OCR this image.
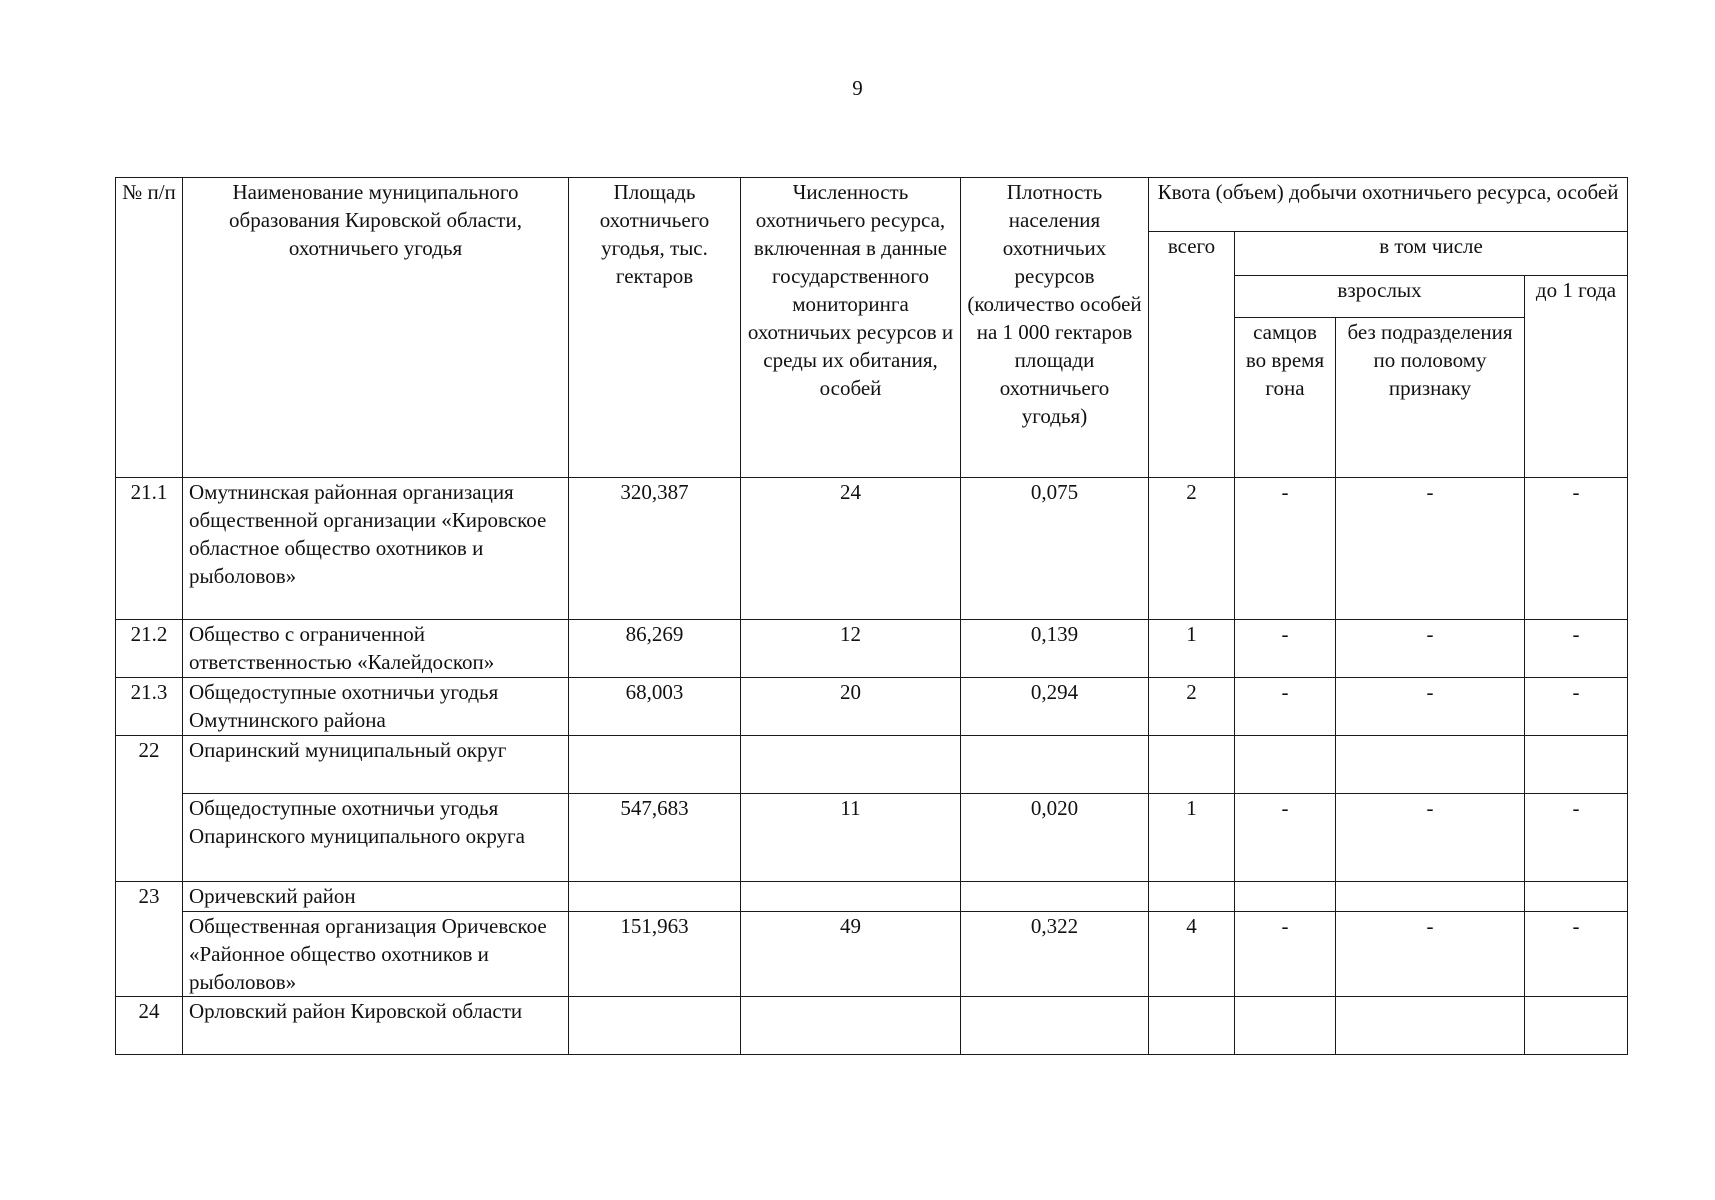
9
№ п/п	Наименование муниципального образования Кировской области, охотничьего угодья	Площадь охотничьего угодья, тыс. гектаров	Численность охотничьего ресурса, включенная в данные государственного мониторинга охотничьих ресурсов и среды их обитания, особей	Плотность населения охотничьих ресурсов (количество особей на 1 000 гектаров площади охотничьего угодья)	Квота (объем) добычи охотничьего ресурса, особей			
					всего	в том числе		
						взрослых		до 1 года
						самцов во время гона	без подразделения по половому признаку	
21.1	Омутнинская районная организация общественной организации «Кировское областное общество охотников и рыболовов»	320,387	24	0,075	2	-	-	-
21.2	Общество с ограниченной ответственностью «Калейдоскоп»	86,269	12	0,139	1	-	-	-
21.3	Общедоступные охотничьи угодья Омутнинского района	68,003	20	0,294	2	-	-	-
22	Опаринский муниципальный округ							
	Общедоступные охотничьи угодья Опаринского муниципального округа	547,683	11	0,020	1	-	-	-
23	Оричевский район							
	Общественная организация Оричевское «Районное общество охотников и рыболовов»	151,963	49	0,322	4	-	-	-
24	Орловский район Кировской области							
